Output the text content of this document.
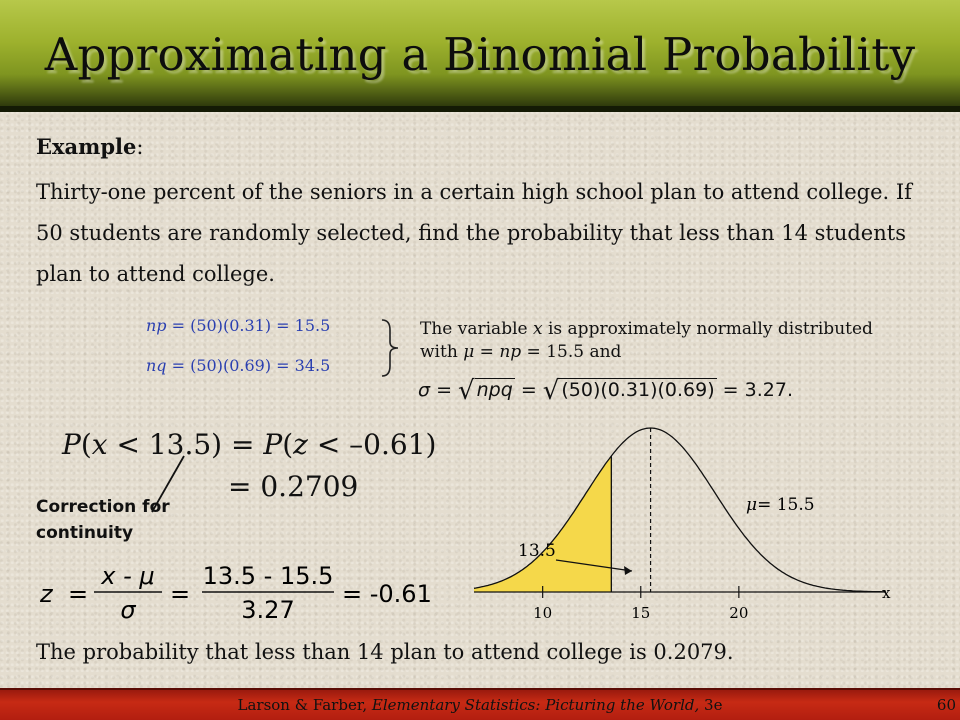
Approximating a Binomial Probability
Example:
Thirty-one percent of the seniors in a certain high school plan to attend college. If 50 students are randomly selected, find the probability that less than 14 students plan to attend college.
np = (50)(0.31) = 15.5
nq = (50)(0.69) = 34.5
The variable x is approximately normally distributed with μ = np = 15.5 and
σ = √ npq = √ (50)(0.31)(0.69) = 3.27.
P(x < 13.5) = P(z < –0.61)
= 0.2709
Correction for continuity
z =
x - μ
σ
=
13.5 - 15.5
3.27
= -0.61
10	15	20
x
μ= 15.5
13.5
The probability that less than 14 plan to attend college is 0.2079.
Larson & Farber, Elementary Statistics: Picturing the World, 3e	60
